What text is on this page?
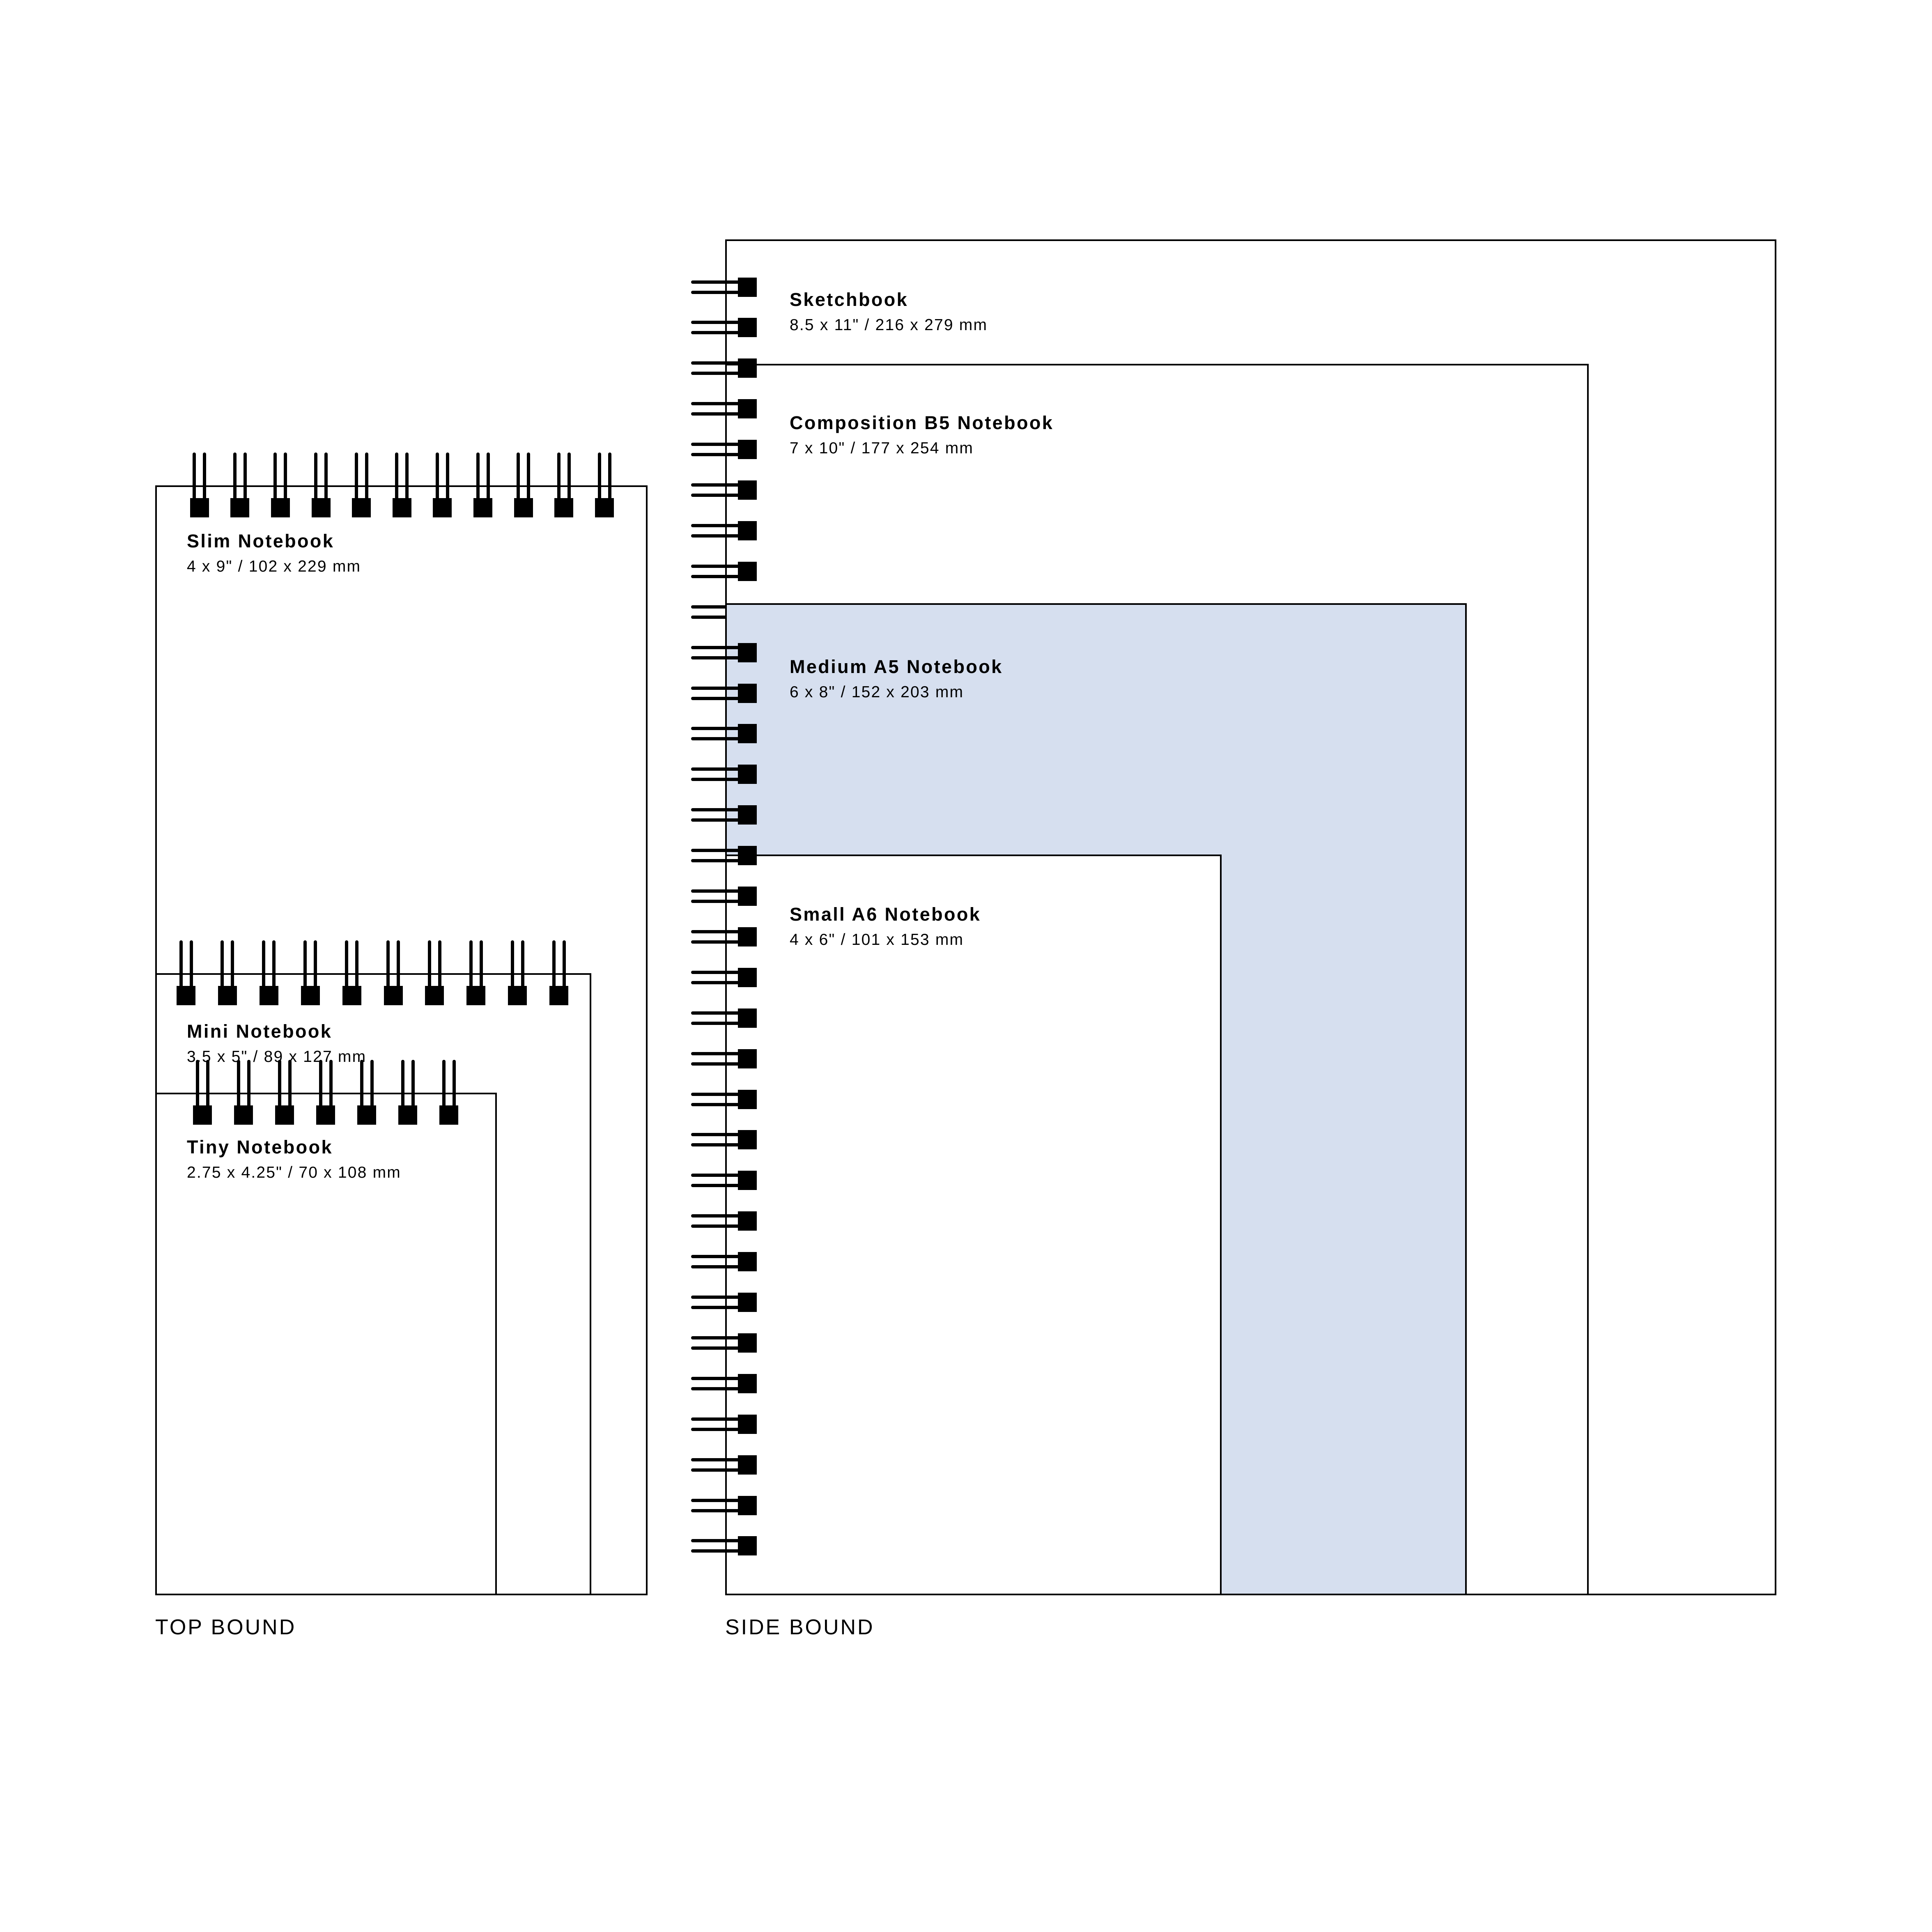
Slim Notebook
4 x 9" / 102 x 229 mm
Mini Notebook
3.5 x 5" / 89 x 127 mm
Tiny Notebook
2.75 x 4.25" / 70 x 108 mm
Sketchbook
8.5 x 11" / 216 x 279 mm
Composition B5 Notebook
7 x 10" / 177 x 254 mm
Medium A5 Notebook
6 x 8" / 152 x 203 mm
Small A6 Notebook
4 x 6" / 101 x 153 mm
TOP BOUND	SIDE BOUND
